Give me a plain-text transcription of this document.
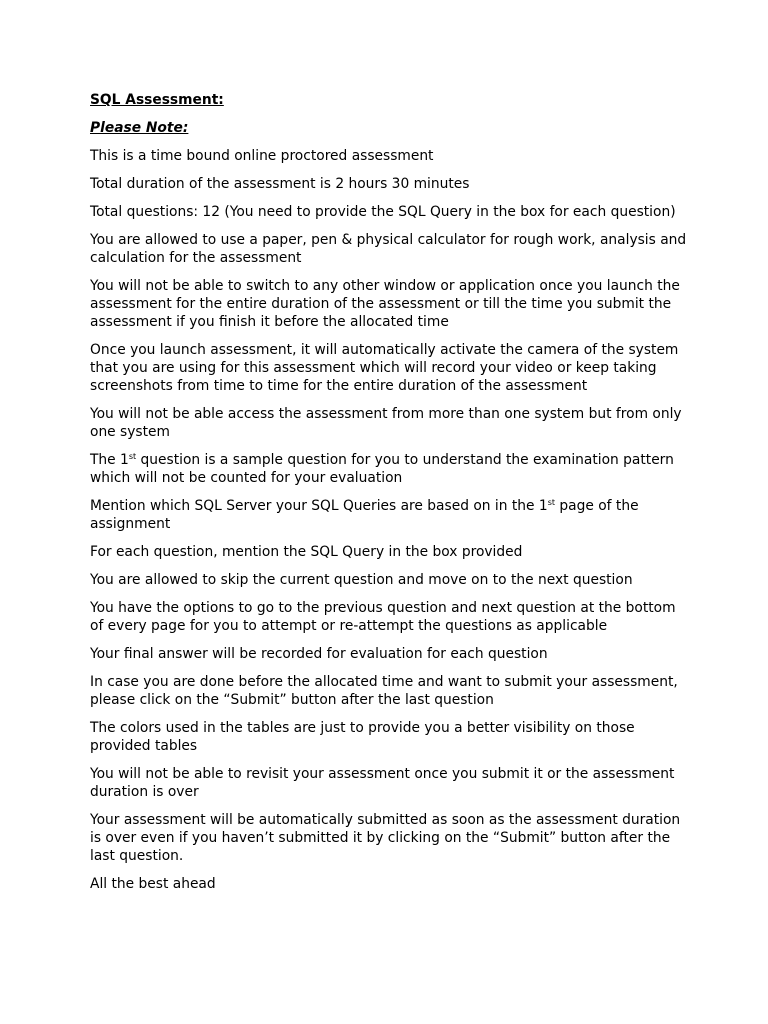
SQL Assessment:

Please Note:

This is a time bound online proctored assessment

Total duration of the assessment is 2 hours 30 minutes

Total questions: 12 (You need to provide the SQL Query in the box for each question)

You are allowed to use a paper, pen & physical calculator for rough work, analysis and calculation for the assessment

You will not be able to switch to any other window or application once you launch the assessment for the entire duration of the assessment or till the time you submit the assessment if you finish it before the allocated time

Once you launch assessment, it will automatically activate the camera of the system that you are using for this assessment which will record your video or keep taking screenshots from time to time for the entire duration of the assessment

You will not be able access the assessment from more than one system but from only one system

The 1st question is a sample question for you to understand the examination pattern which will not be counted for your evaluation

Mention which SQL Server your SQL Queries are based on in the 1st page of the assignment

For each question, mention the SQL Query in the box provided

You are allowed to skip the current question and move on to the next question

You have the options to go to the previous question and next question at the bottom of every page for you to attempt or re-attempt the questions as applicable

Your final answer will be recorded for evaluation for each question

In case you are done before the allocated time and want to submit your assessment, please click on the “Submit” button after the last question

The colors used in the tables are just to provide you a better visibility on those provided tables

You will not be able to revisit your assessment once you submit it or the assessment duration is over

Your assessment will be automatically submitted as soon as the assessment duration is over even if you haven’t submitted it by clicking on the “Submit” button after the last question.

All the best ahead
